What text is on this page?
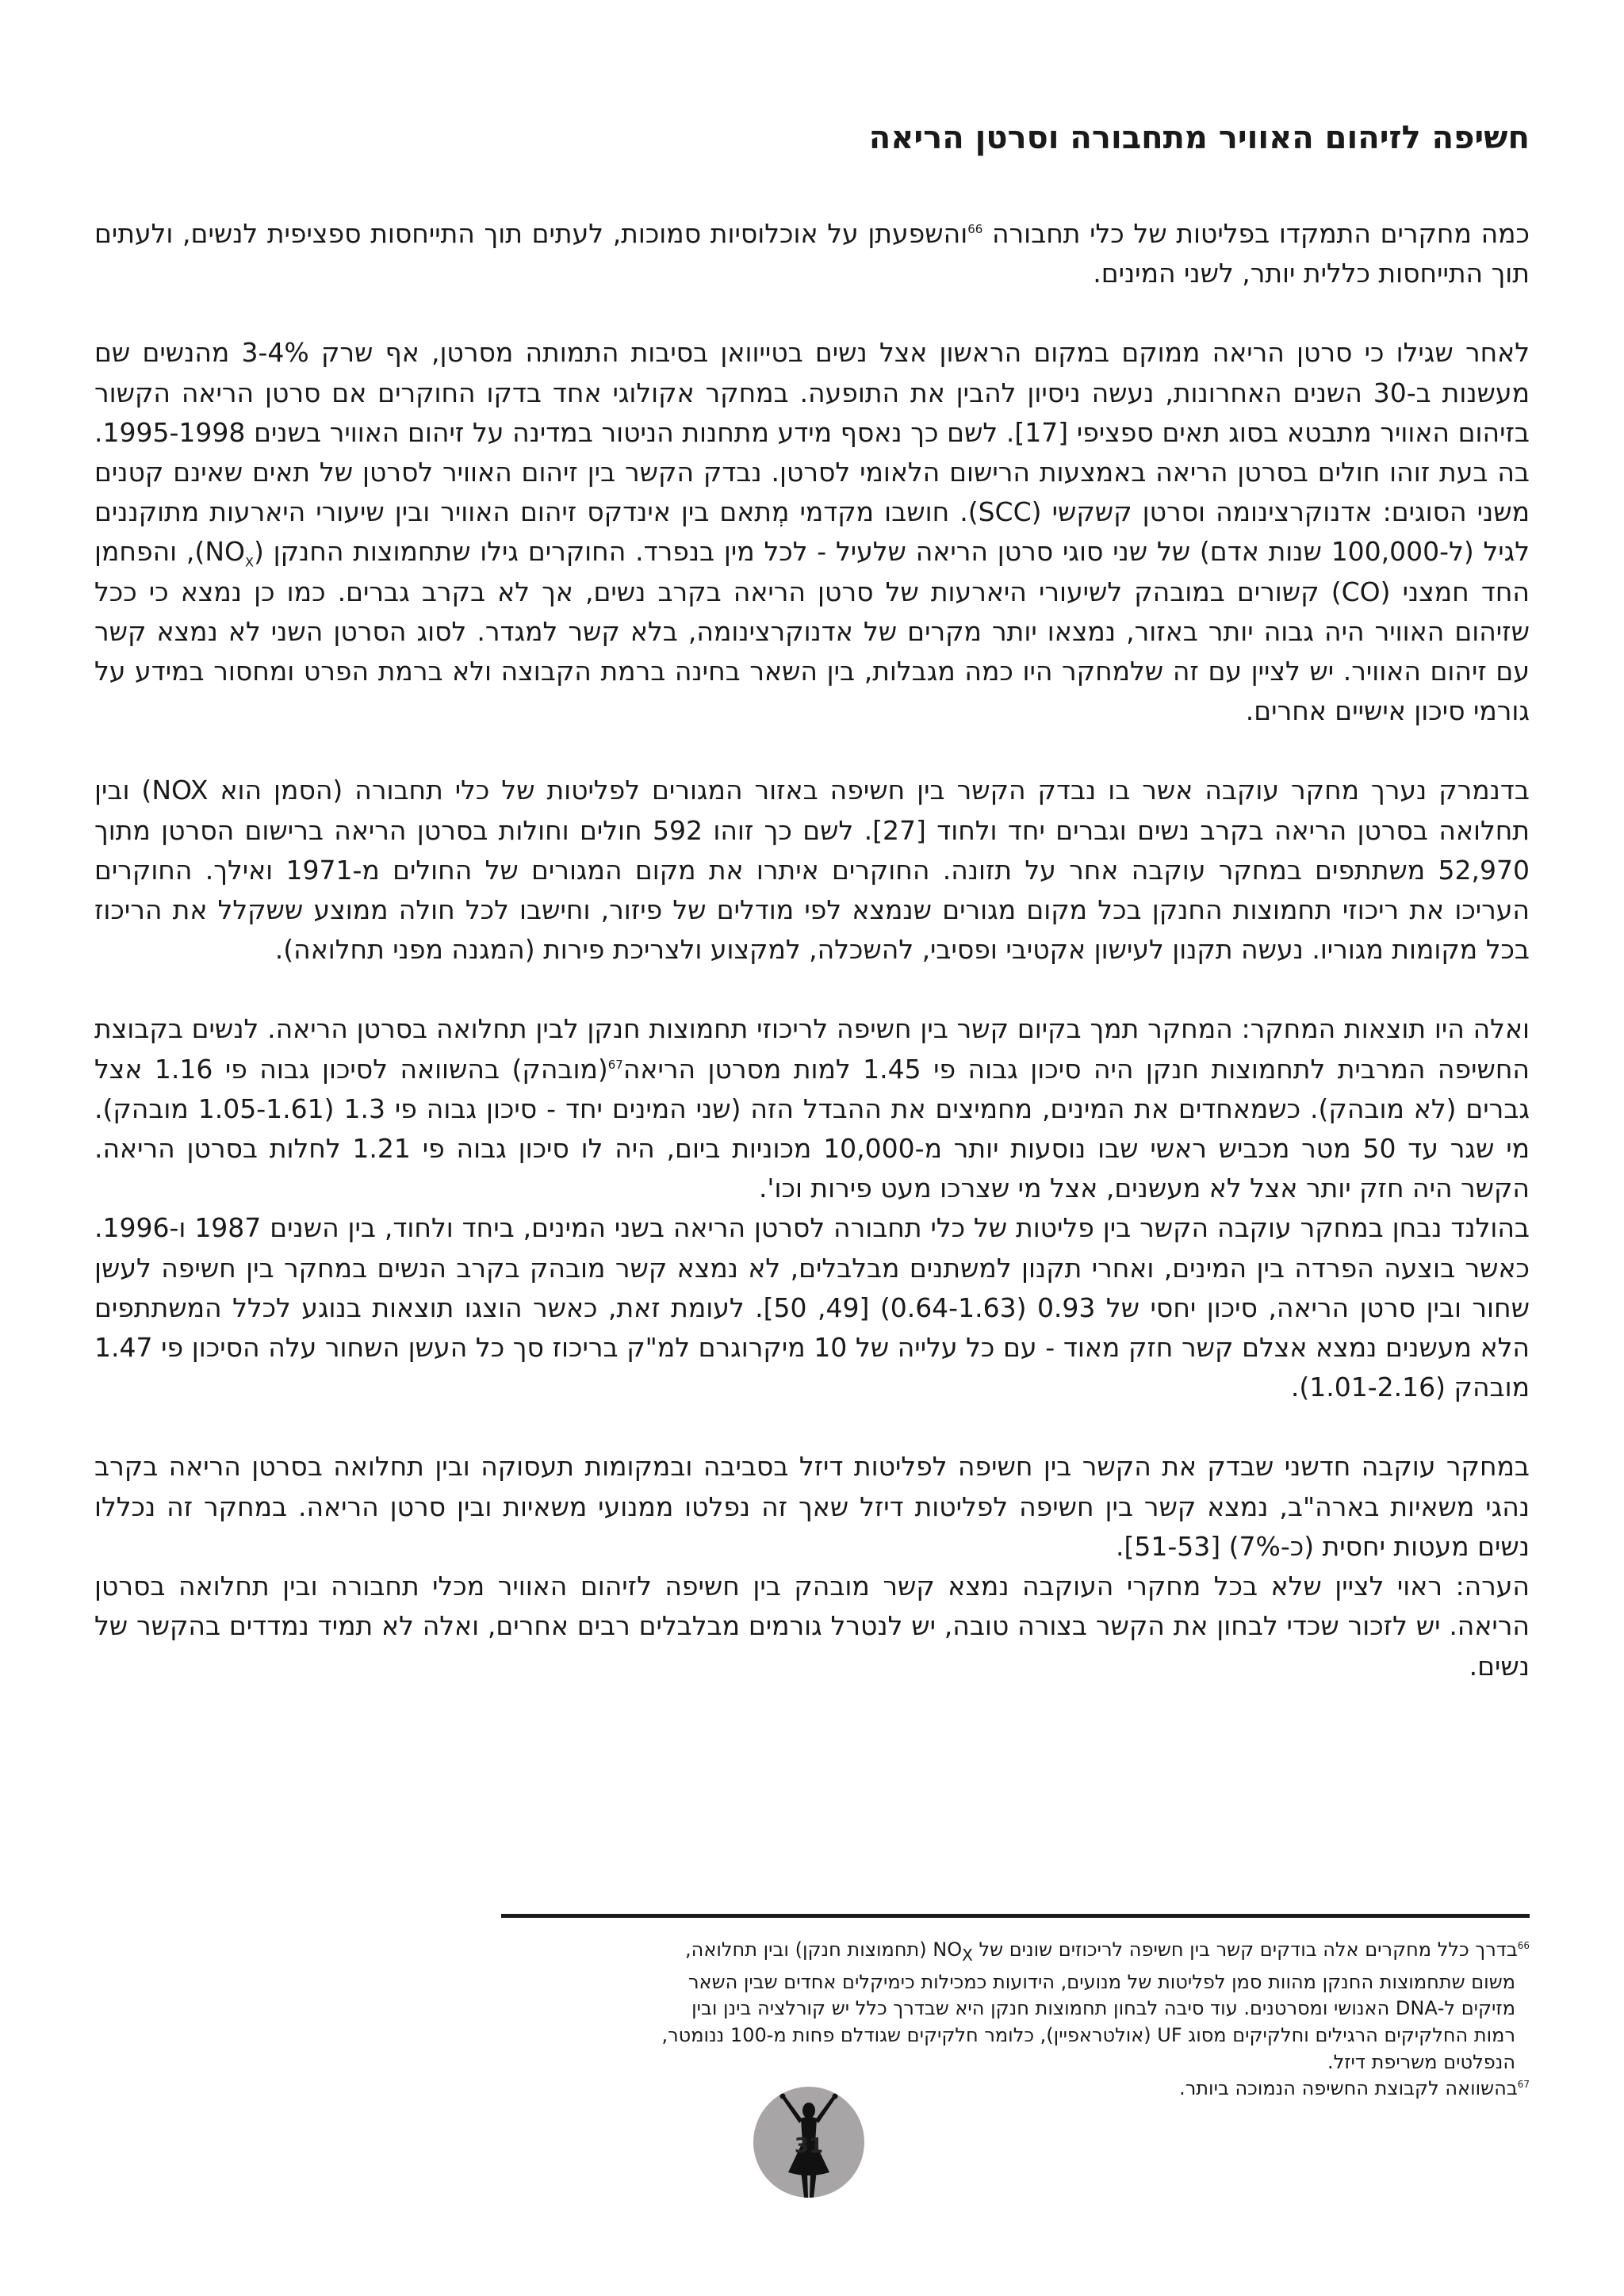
חשיפה לזיהום האוויר מתחבורה וסרטן הריאה

כמה מחקרים התמקדו בפליטות של כלי תחבורה $^{66}$והשפעתן על אוכלוסיות סמוכות, לעתים תוך התייחסות ספציפית לנשים, ולעתים תוך התייחסות כללית יותר, לשני המינים.

לאחר שגילו כי סרטן הריאה ממוקם במקום הראשון אצל נשים בטייוואן בסיבות התמותה מסרטן, אף שרק 3-4% מהנשים שם מעשנות ב-30 השנים האחרונות, נעשה ניסיון להבין את התופעה. במחקר אקולוגי אחד בדקו החוקרים אם סרטן הריאה הקשור בזיהום האוויר מתבטא בסוג תאים ספציפי [17]. לשם כך נאסף מידע מתחנות הניטור במדינה על זיהום האוויר בשנים 1995-1998. בה בעת זוהו חולים בסרטן הריאה באמצעות הרישום הלאומי לסרטן. נבדק הקשר בין זיהום האוויר לסרטן של תאים שאינם קטנים משני הסוגים: אדנוקרצינומה וסרטן קשקשי (SCC). חושבו מקדמי מְתאם בין אינדקס זיהום האוויר ובין שיעורי היארעות מתוקננים לגיל (ל-100,000 שנות אדם) של שני סוגי סרטן הריאה שלעיל - לכל מין בנפרד. החוקרים גילו שתחמוצות החנקן $(NO_X)$, והפחמן החד חמצני (CO) קשורים במובהק לשיעורי היארעות של סרטן הריאה בקרב נשים, אך לא בקרב גברים. כמו כן נמצא כי ככל שזיהום האוויר היה גבוה יותר באזור, נמצאו יותר מקרים של אדנוקרצינומה, בלא קשר למגדר. לסוג הסרטן השני לא נמצא קשר עם זיהום האוויר. יש לציין עם זה שלמחקר היו כמה מגבלות, בין השאר בחינה ברמת הקבוצה ולא ברמת הפרט ומחסור במידע על גורמי סיכון אישיים אחרים.

בדנמרק נערך מחקר עוקבה אשר בו נבדק הקשר בין חשיפה באזור המגורים לפליטות של כלי תחבורה (הסמן הוא NOX) ובין תחלואה בסרטן הריאה בקרב נשים וגברים יחד ולחוד [27]. לשם כך זוהו 592 חולים וחולות בסרטן הריאה ברישום הסרטן מתוך 52,970 משתתפים במחקר עוקבה אחר על תזונה. החוקרים איתרו את מקום המגורים של החולים מ-1971 ואילך. החוקרים העריכו את ריכוזי תחמוצות החנקן בכל מקום מגורים שנמצא לפי מודלים של פיזור, וחישבו לכל חולה ממוצע ששקלל את הריכוז בכל מקומות מגוריו. נעשה תקנון לעישון אקטיבי ופסיבי, להשכלה, למקצוע ולצריכת פירות (המגנה מפני תחלואה).

ואלה היו תוצאות המחקר: המחקר תמך בקיום קשר בין חשיפה לריכוזי תחמוצות חנקן לבין תחלואה בסרטן הריאה. לנשים בקבוצת החשיפה המרבית לתחמוצות חנקן היה סיכון גבוה פי 1.45 למות מסרטן הריאה$^{67}$(מובהק) בהשוואה לסיכון גבוה פי 1.16 אצל גברים (לא מובהק). כשמאחדים את המינים, מחמיצים את ההבדל הזה (שני המינים יחד - סיכון גבוה פי 1.3 (1.05-1.61 מובהק). מי שגר עד 50 מטר מכביש ראשי שבו נוסעות יותר מ-10,000 מכוניות ביום, היה לו סיכון גבוה פי 1.21 לחלות בסרטן הריאה. הקשר היה חזק יותר אצל לא מעשנים, אצל מי שצרכו מעט פירות וכו'.

בהולנד נבחן במחקר עוקבה הקשר בין פליטות של כלי תחבורה לסרטן הריאה בשני המינים, ביחד ולחוד, בין השנים 1987 ו-1996. כאשר בוצעה הפרדה בין המינים, ואחרי תקנון למשתנים מבלבלים, לא נמצא קשר מובהק בקרב הנשים במחקר בין חשיפה לעשן שחור ובין סרטן הריאה, סיכון יחסי של 0.93 (0.64-1.63) [49, 50]. לעומת זאת, כאשר הוצגו תוצאות בנוגע לכלל המשתתפים הלא מעשנים נמצא אצלם קשר חזק מאוד - עם כל עלייה של 10 מיקרוגרם למ"ק בריכוז סך כל העשן השחור עלה הסיכון פי 1.47 מובהק (1.01-2.16).

במחקר עוקבה חדשני שבדק את הקשר בין חשיפה לפליטות דיזל בסביבה ובמקומות תעסוקה ובין תחלואה בסרטן הריאה בקרב נהגי משאיות בארה"ב, נמצא קשר בין חשיפה לפליטות דיזל שאך זה נפלטו ממנועי משאיות ובין סרטן הריאה. במחקר זה נכללו נשים מעטות יחסית (כ-7%) [51-53].

הערה: ראוי לציין שלא בכל מחקרי העוקבה נמצא קשר מובהק בין חשיפה לזיהום האוויר מכלי תחבורה ובין תחלואה בסרטן הריאה. יש לזכור שכדי לבחון את הקשר בצורה טובה, יש לנטרל גורמים מבלבלים רבים אחרים, ואלה לא תמיד נמדדים בהקשר של נשים.

$^{66}$בדרך כלל מחקרים אלה בודקים קשר בין חשיפה לריכוזים שונים של $NO_X$ (תחמוצות חנקן) ובין תחלואה,

משום שתחמוצות החנקן מהוות סמן לפליטות של מנועים, הידועות כמכילות כימיקלים אחדים שבין השאר

מזיקים ל-DNA האנושי ומסרטנים. עוד סיבה לבחון תחמוצות חנקן היא שבדרך כלל יש קורלציה בינן ובין

רמות החלקיקים הרגילים וחלקיקים מסוג UF (אולטראפיין), כלומר חלקיקים שגודלם פחות מ-100 ננומטר,

הנפלטים משריפת דיזל.

$^{67}$בהשוואה לקבוצת החשיפה הנמוכה ביותר.

31
